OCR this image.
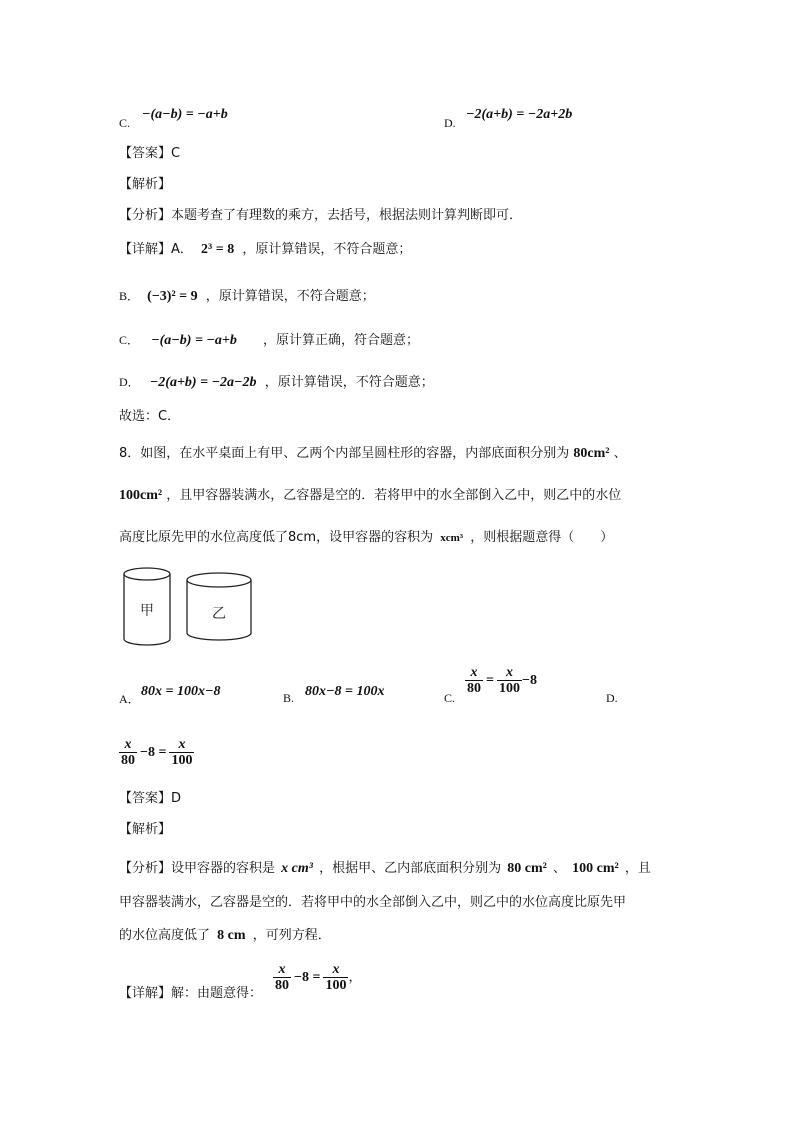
C.
−(a−b) = −a+b
D.
−2(a+b) = −2a+2b
【答案】C
【解析】
【分析】本题考查了有理数的乘方，去括号，根据法则计算判断即可．
【详解】A． 2³ = 8 ，原计算错误，不符合题意；
B． (−3)² = 9 ，原计算错误，不符合题意；
C． −(a−b) = −a+b ，原计算正确，符合题意；
D． −2(a+b) = −2a−2b ，原计算错误，不符合题意；
故选：C．
8．如图，在水平桌面上有甲、乙两个内部呈圆柱形的容器，内部底面积分别为 80cm² 、
100cm² ，且甲容器装满水，乙容器是空的．若将甲中的水全部倒入乙中，则乙中的水位
高度比原先甲的水位高度低了8cm，设甲容器的容积为 xcm³ ，则根据题意得（　　）
甲	乙
A． 80x = 100x−8	B. 80x−8 = 100x	C.
$\frac{x}{80} = \frac{x}{100} -8$
D.
$\frac{x}{80} -8 = \frac{x}{100}$
【答案】D
【解析】
【分析】设甲容器的容积是 x cm³ ，根据甲、乙内部底面积分别为 80 cm² 、 100 cm² ，且
甲容器装满水，乙容器是空的．若将甲中的水全部倒入乙中，则乙中的水位高度比原先甲
的水位高度低了 8 cm ，可列方程．
【详解】解：由题意得：
$\frac{x}{80} -8 = \frac{x}{100}$ ，
